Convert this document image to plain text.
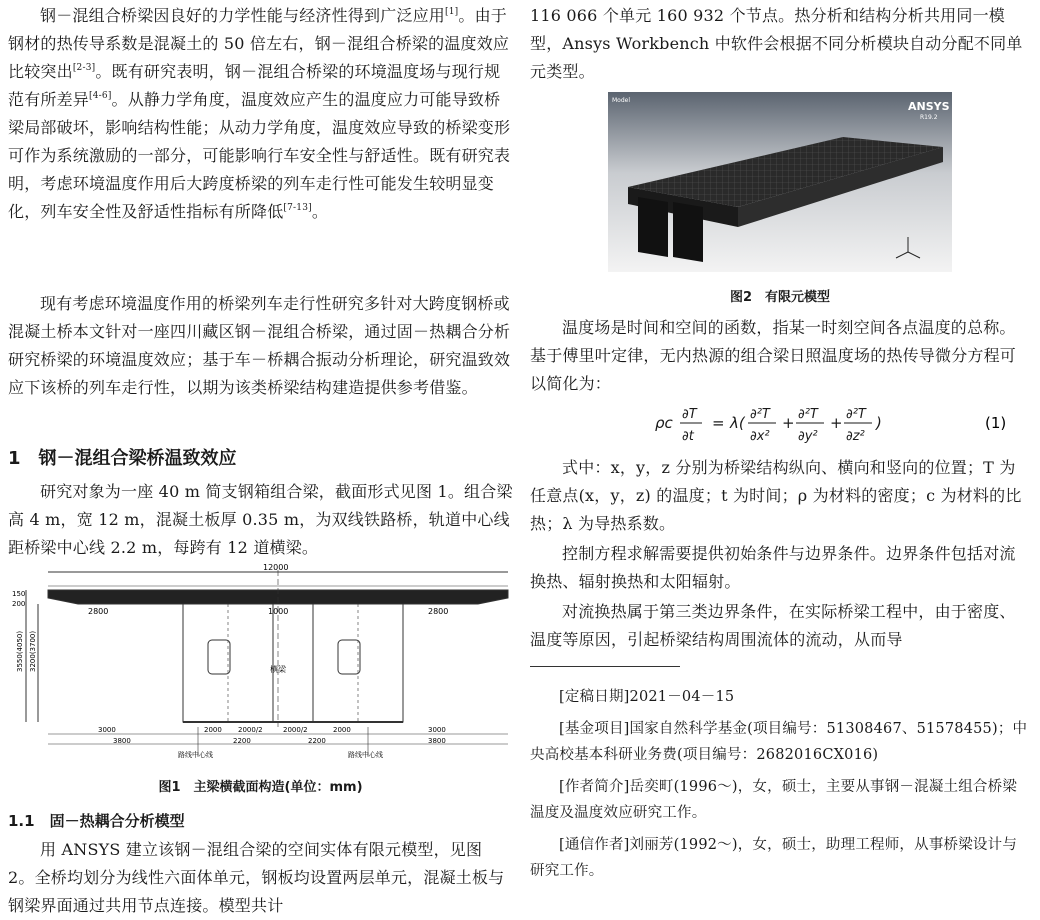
钢－混组合桥梁因良好的力学性能与经济性得到广泛应用[1]。由于钢材的热传导系数是混凝土的 50 倍左右，钢－混组合桥梁的温度效应比较突出[2-3]。既有研究表明，钢－混组合桥梁的环境温度场与现行规范有所差异[4-6]。从静力学角度，温度效应产生的温度应力可能导致桥梁局部破坏，影响结构性能；从动力学角度，温度效应导致的桥梁变形可作为系统激励的一部分，可能影响行车安全性与舒适性。既有研究表明，考虑环境温度作用后大跨度桥梁的列车走行性可能发生较明显变化，列车安全性及舒适性指标有所降低[7-13]。

现有考虑环境温度作用的桥梁列车走行性研究多针对大跨度钢桥或混凝土桥本文针对一座四川藏区钢－混组合桥梁，通过固－热耦合分析研究桥梁的环境温度效应；基于车－桥耦合振动分析理论，研究温致效应下该桥的列车走行性，以期为该类桥梁结构建造提供参考借鉴。

1　钢－混组合梁桥温致效应

研究对象为一座 40 m 简支钢箱组合梁，截面形式见图 1。组合梁高 4 m，宽 12 m，混凝土板厚 0.35 m，为双线铁路桥，轨道中心线距桥梁中心线 2.2 m，每跨有 12 道横梁。

12000
150
200
2800	1000	2800
3550(4050) 3200(3700)	横梁
3000	2000 2000/2	2000/2	2000	3000
3800	2200	2200	3800
路线中心线	路线中心线
图1　主梁横截面构造(单位：mm)
1.1　固－热耦合分析模型

用 ANSYS 建立该钢－混组合梁的空间实体有限元模型，见图 2。全桥均划分为线性六面体单元，钢板均设置两层单元，混凝土板与钢梁界面通过共用节点连接。模型共计

116 066 个单元 160 932 个节点。热分析和结构分析共用同一模型，Ansys Workbench 中软件会根据不同分析模块自动分配不同单元类型。

Model	ANSYS
R19.2
图2　有限元模型

温度场是时间和空间的函数，指某一时刻空间各点温度的总称。基于傅里叶定律，无内热源的组合梁日照温度场的热传导微分方程可以简化为：

ρc ∂T
∂t
= λ( ∂²T
∂x²
+ ∂²T
∂y²
+ ∂²T
∂z²
)	(1)

式中：x，y，z 分别为桥梁结构纵向、横向和竖向的位置；T 为任意点(x，y，z) 的温度；t 为时间；ρ 为材料的密度；c 为材料的比热；λ 为导热系数。

控制方程求解需要提供初始条件与边界条件。边界条件包括对流换热、辐射换热和太阳辐射。

对流换热属于第三类边界条件，在实际桥梁工程中，由于密度、温度等原因，引起桥梁结构周围流体的流动，从而导

[定稿日期]2021－04－15

[基金项目]国家自然科学基金(项目编号：51308467、51578455)；中央高校基本科研业务费(项目编号：2682016CX016)

[作者简介]岳奕町(1996～)，女，硕士，主要从事钢－混凝土组合桥梁温度及温度效应研究工作。

[通信作者]刘丽芳(1992～)，女，硕士，助理工程师，从事桥梁设计与研究工作。
